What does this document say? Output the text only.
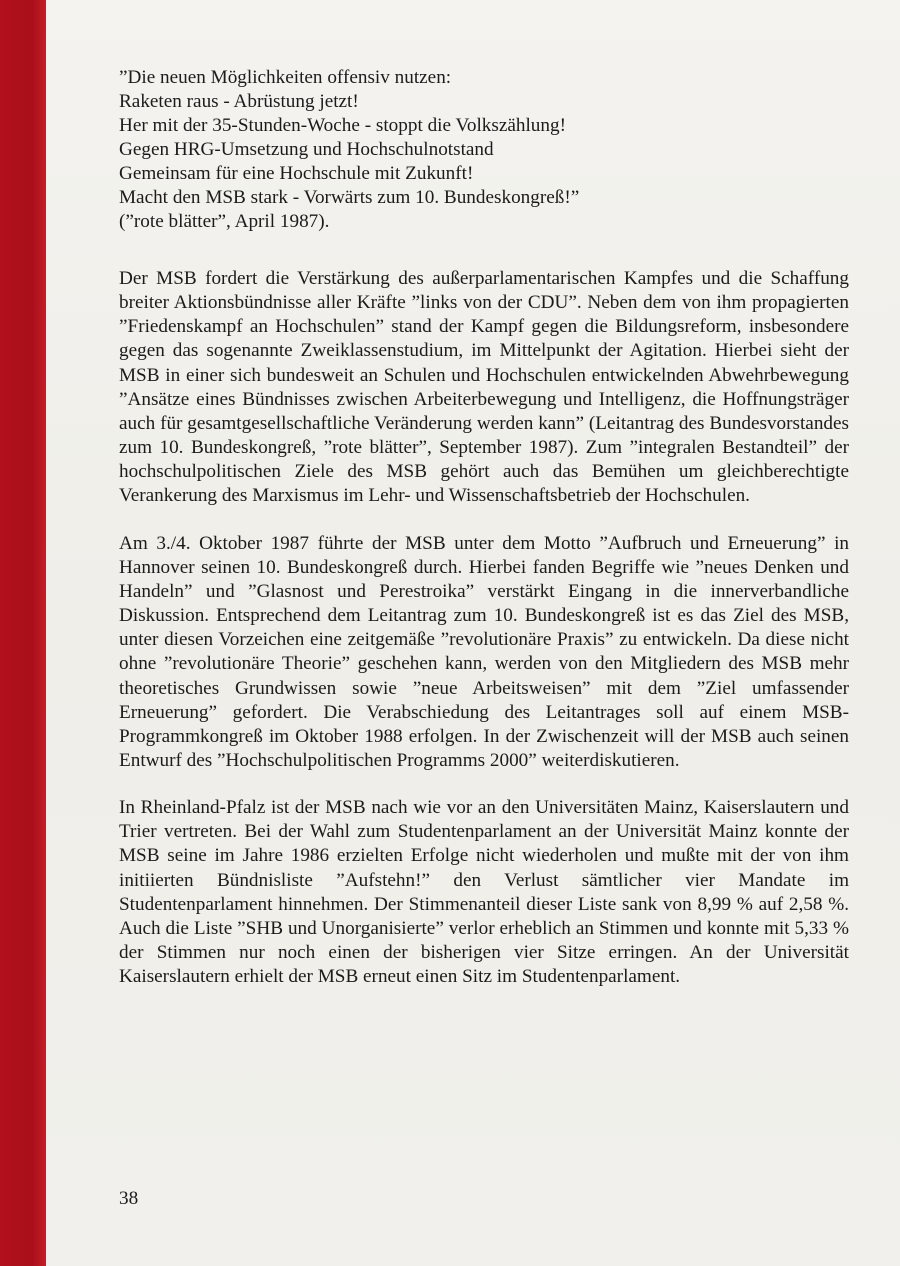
”Die neuen Möglichkeiten offensiv nutzen:
Raketen raus - Abrüstung jetzt!
Her mit der 35-Stunden-Woche - stoppt die Volkszählung!
Gegen HRG-Umsetzung und Hochschulnotstand
Gemeinsam für eine Hochschule mit Zukunft!
Macht den MSB stark - Vorwärts zum 10. Bundeskongreß!”
(”rote blätter”, April 1987).

Der MSB fordert die Verstärkung des außerparlamentarischen Kampfes und die Schaffung breiter Aktionsbündnisse aller Kräfte ”links von der CDU”. Neben dem von ihm propagierten ”Friedenskampf an Hochschulen” stand der Kampf gegen die Bildungsreform, insbesondere gegen das sogenannte Zweiklassenstudium, im Mittelpunkt der Agitation. Hierbei sieht der MSB in einer sich bundesweit an Schulen und Hochschulen entwickelnden Abwehrbewegung ”Ansätze eines Bündnisses zwischen Arbeiterbewegung und Intelligenz, die Hoffnungsträger auch für gesamtgesellschaftliche Veränderung werden kann” (Leitantrag des Bundesvorstandes zum 10. Bundeskongreß, ”rote blätter”, September 1987). Zum ”integralen Bestandteil” der hochschulpolitischen Ziele des MSB gehört auch das Bemühen um gleichberechtigte Verankerung des Marxismus im Lehr- und Wissenschaftsbetrieb der Hochschulen.

Am 3./4. Oktober 1987 führte der MSB unter dem Motto ”Aufbruch und Erneuerung” in Hannover seinen 10. Bundeskongreß durch. Hierbei fanden Begriffe wie ”neues Denken und Handeln” und ”Glasnost und Perestroika” verstärkt Eingang in die innerverbandliche Diskussion. Entsprechend dem Leitantrag zum 10. Bundeskongreß ist es das Ziel des MSB, unter diesen Vorzeichen eine zeitgemäße ”revolutionäre Praxis” zu entwickeln. Da diese nicht ohne ”revolutionäre Theorie” geschehen kann, werden von den Mitgliedern des MSB mehr theoretisches Grundwissen sowie ”neue Arbeitsweisen” mit dem ”Ziel umfassender Erneuerung” gefordert. Die Verabschiedung des Leitantrages soll auf einem MSB-Programmkongreß im Oktober 1988 erfolgen. In der Zwischenzeit will der MSB auch seinen Entwurf des ”Hochschulpolitischen Programms 2000” weiterdiskutieren.

In Rheinland-Pfalz ist der MSB nach wie vor an den Universitäten Mainz, Kaiserslautern und Trier vertreten. Bei der Wahl zum Studentenparlament an der Universität Mainz konnte der MSB seine im Jahre 1986 erzielten Erfolge nicht wiederholen und mußte mit der von ihm initiierten Bündnisliste ”Aufstehn!” den Verlust sämtlicher vier Mandate im Studentenparlament hinnehmen. Der Stimmenanteil dieser Liste sank von 8,99 % auf 2,58 %. Auch die Liste ”SHB und Unorganisierte” verlor erheblich an Stimmen und konnte mit 5,33 % der Stimmen nur noch einen der bisherigen vier Sitze erringen. An der Universität Kaiserslautern erhielt der MSB erneut einen Sitz im Studentenparlament.

38
